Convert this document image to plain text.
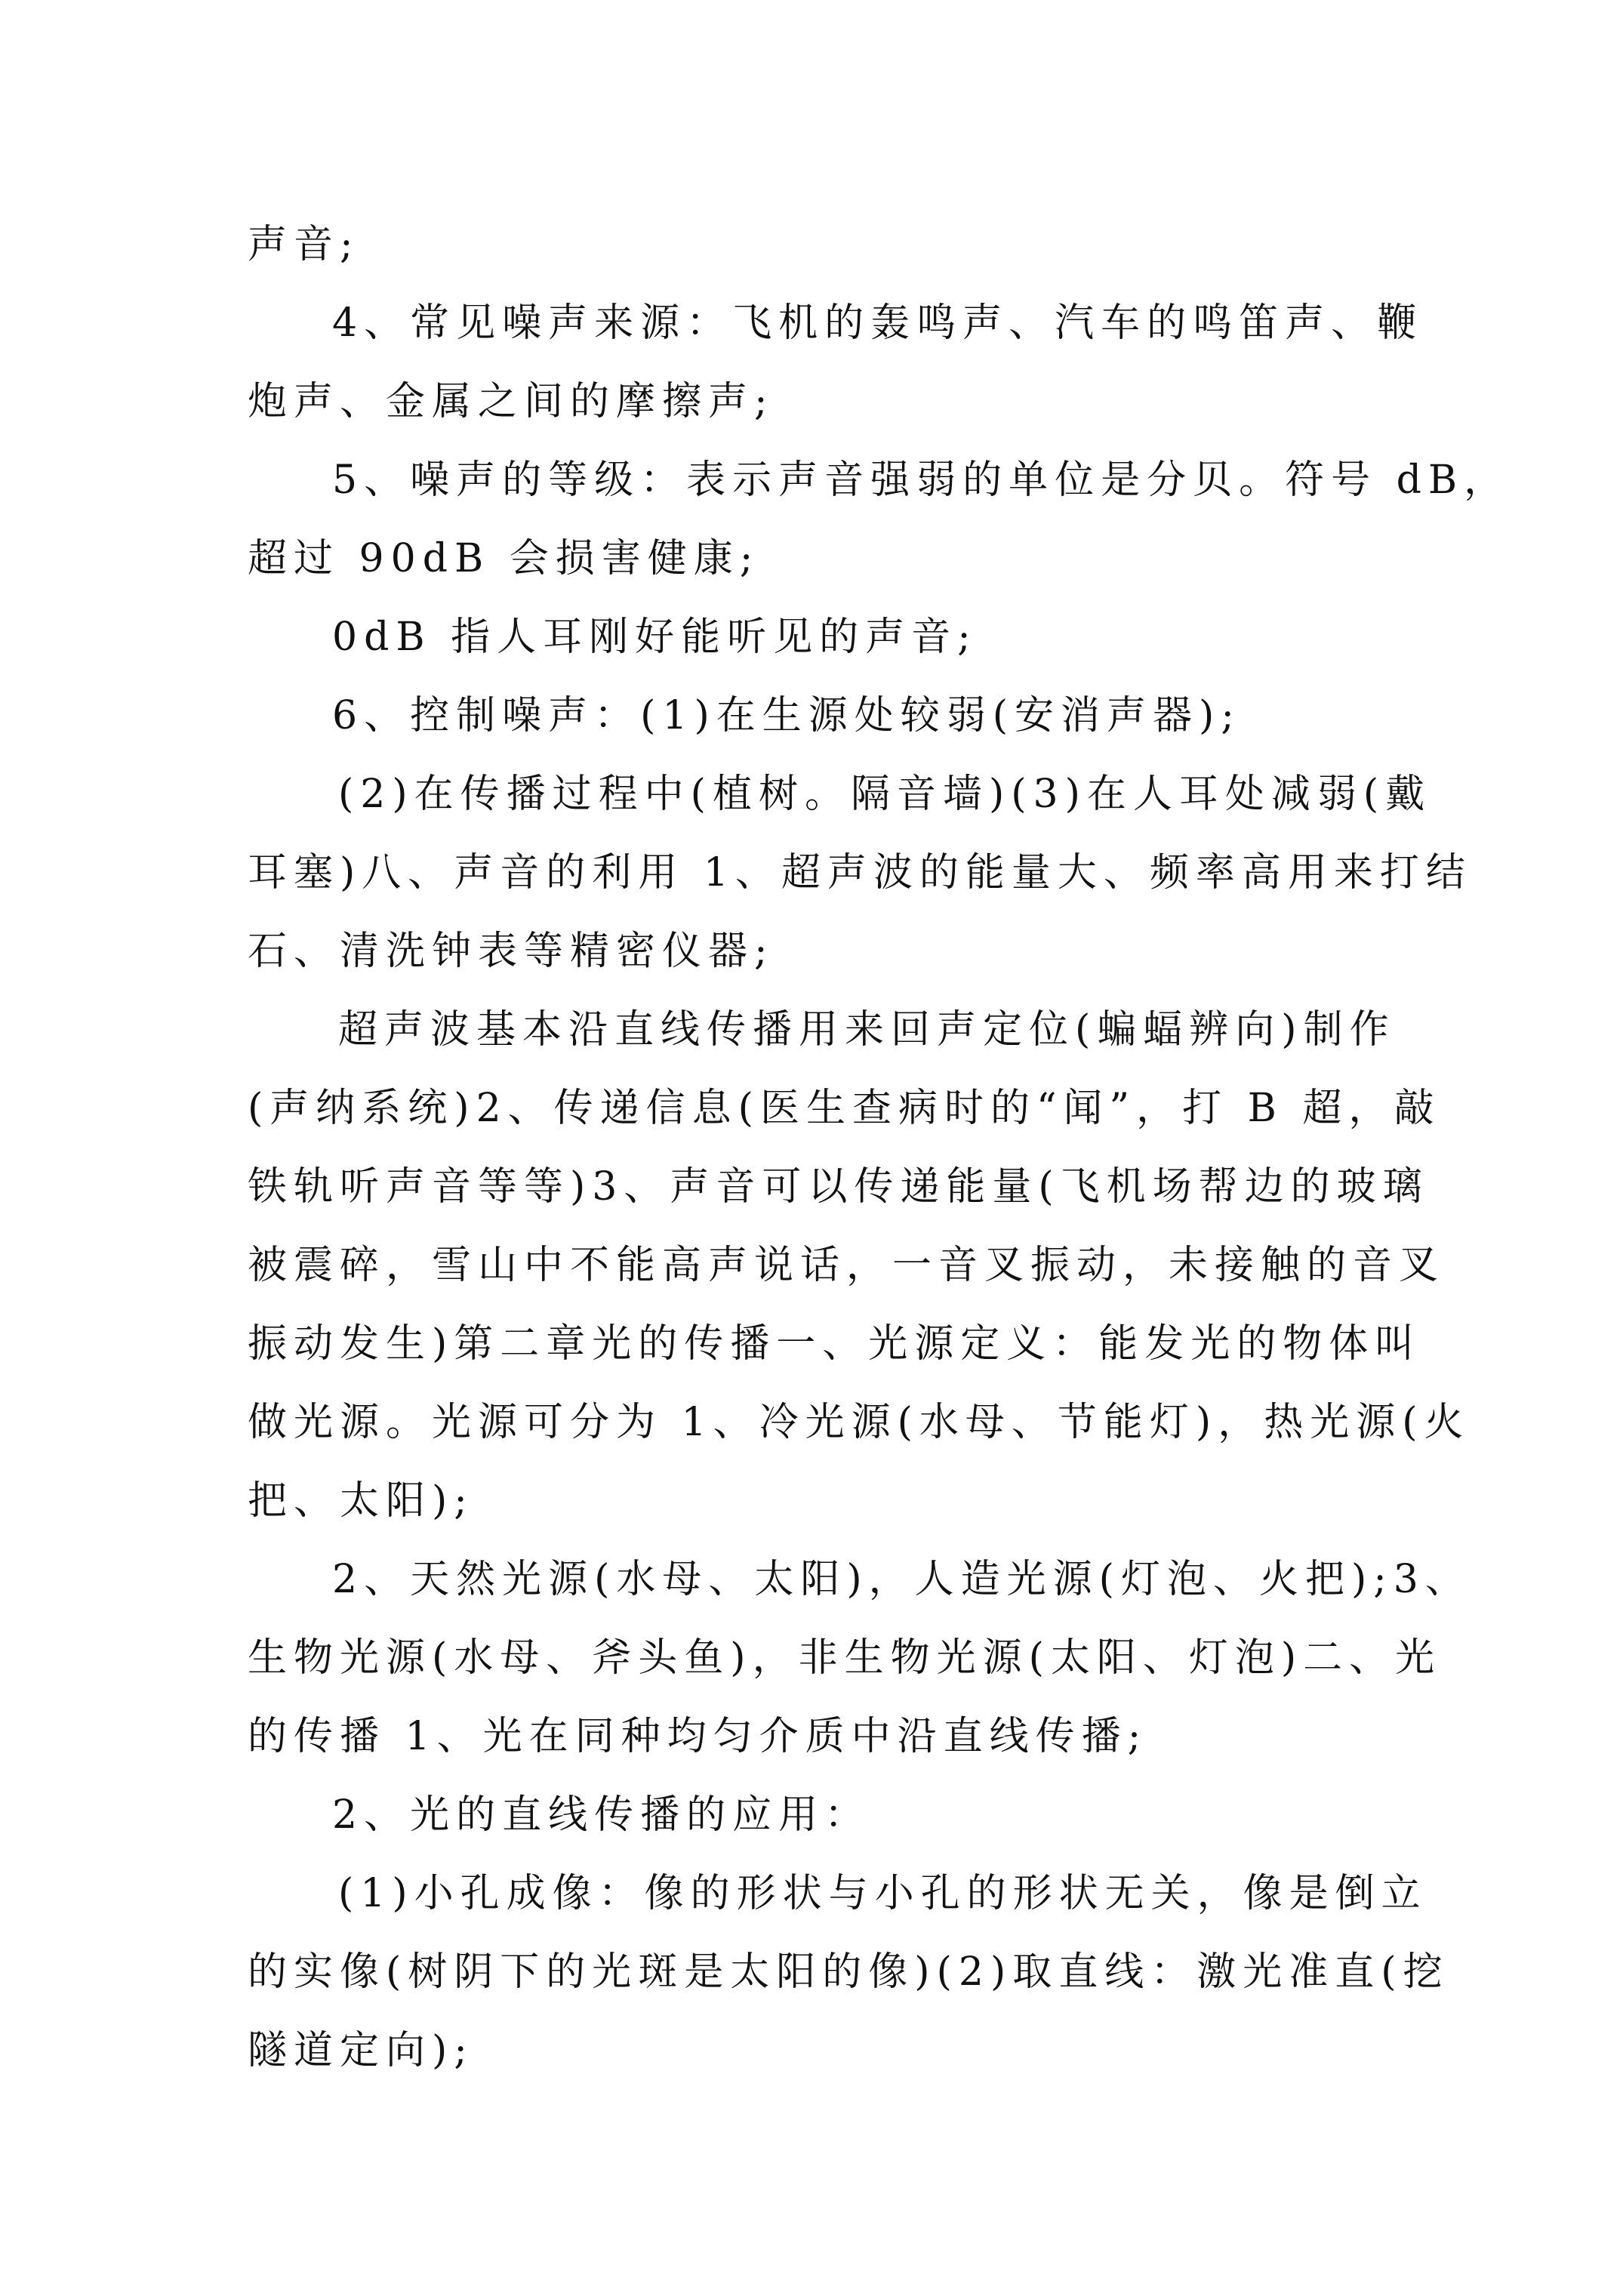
声音;
4、常见噪声来源：飞机的轰鸣声、汽车的鸣笛声、鞭
炮声、金属之间的摩擦声;
5、噪声的等级：表示声音强弱的单位是分贝。符号 dB，
超过 90dB 会损害健康;
0dB 指人耳刚好能听见的声音;
6、控制噪声：(1)在生源处较弱(安消声器);
(2)在传播过程中(植树。隔音墙)(3)在人耳处减弱(戴
耳塞)八、声音的利用 1、超声波的能量大、频率高用来打结
石、清洗钟表等精密仪器;
超声波基本沿直线传播用来回声定位(蝙蝠辨向)制作
(声纳系统)2、传递信息(医生查病时的“闻”，打 B 超，敲
铁轨听声音等等)3、声音可以传递能量(飞机场帮边的玻璃
被震碎，雪山中不能高声说话，一音叉振动，未接触的音叉
振动发生)第二章光的传播一、光源定义：能发光的物体叫
做光源。光源可分为 1、冷光源(水母、节能灯)，热光源(火
把、太阳);
2、天然光源(水母、太阳)，人造光源(灯泡、火把);3、
生物光源(水母、斧头鱼)，非生物光源(太阳、灯泡)二、光
的传播 1、光在同种均匀介质中沿直线传播;
2、光的直线传播的应用：
(1)小孔成像：像的形状与小孔的形状无关，像是倒立
的实像(树阴下的光斑是太阳的像)(2)取直线：激光准直(挖
隧道定向);
